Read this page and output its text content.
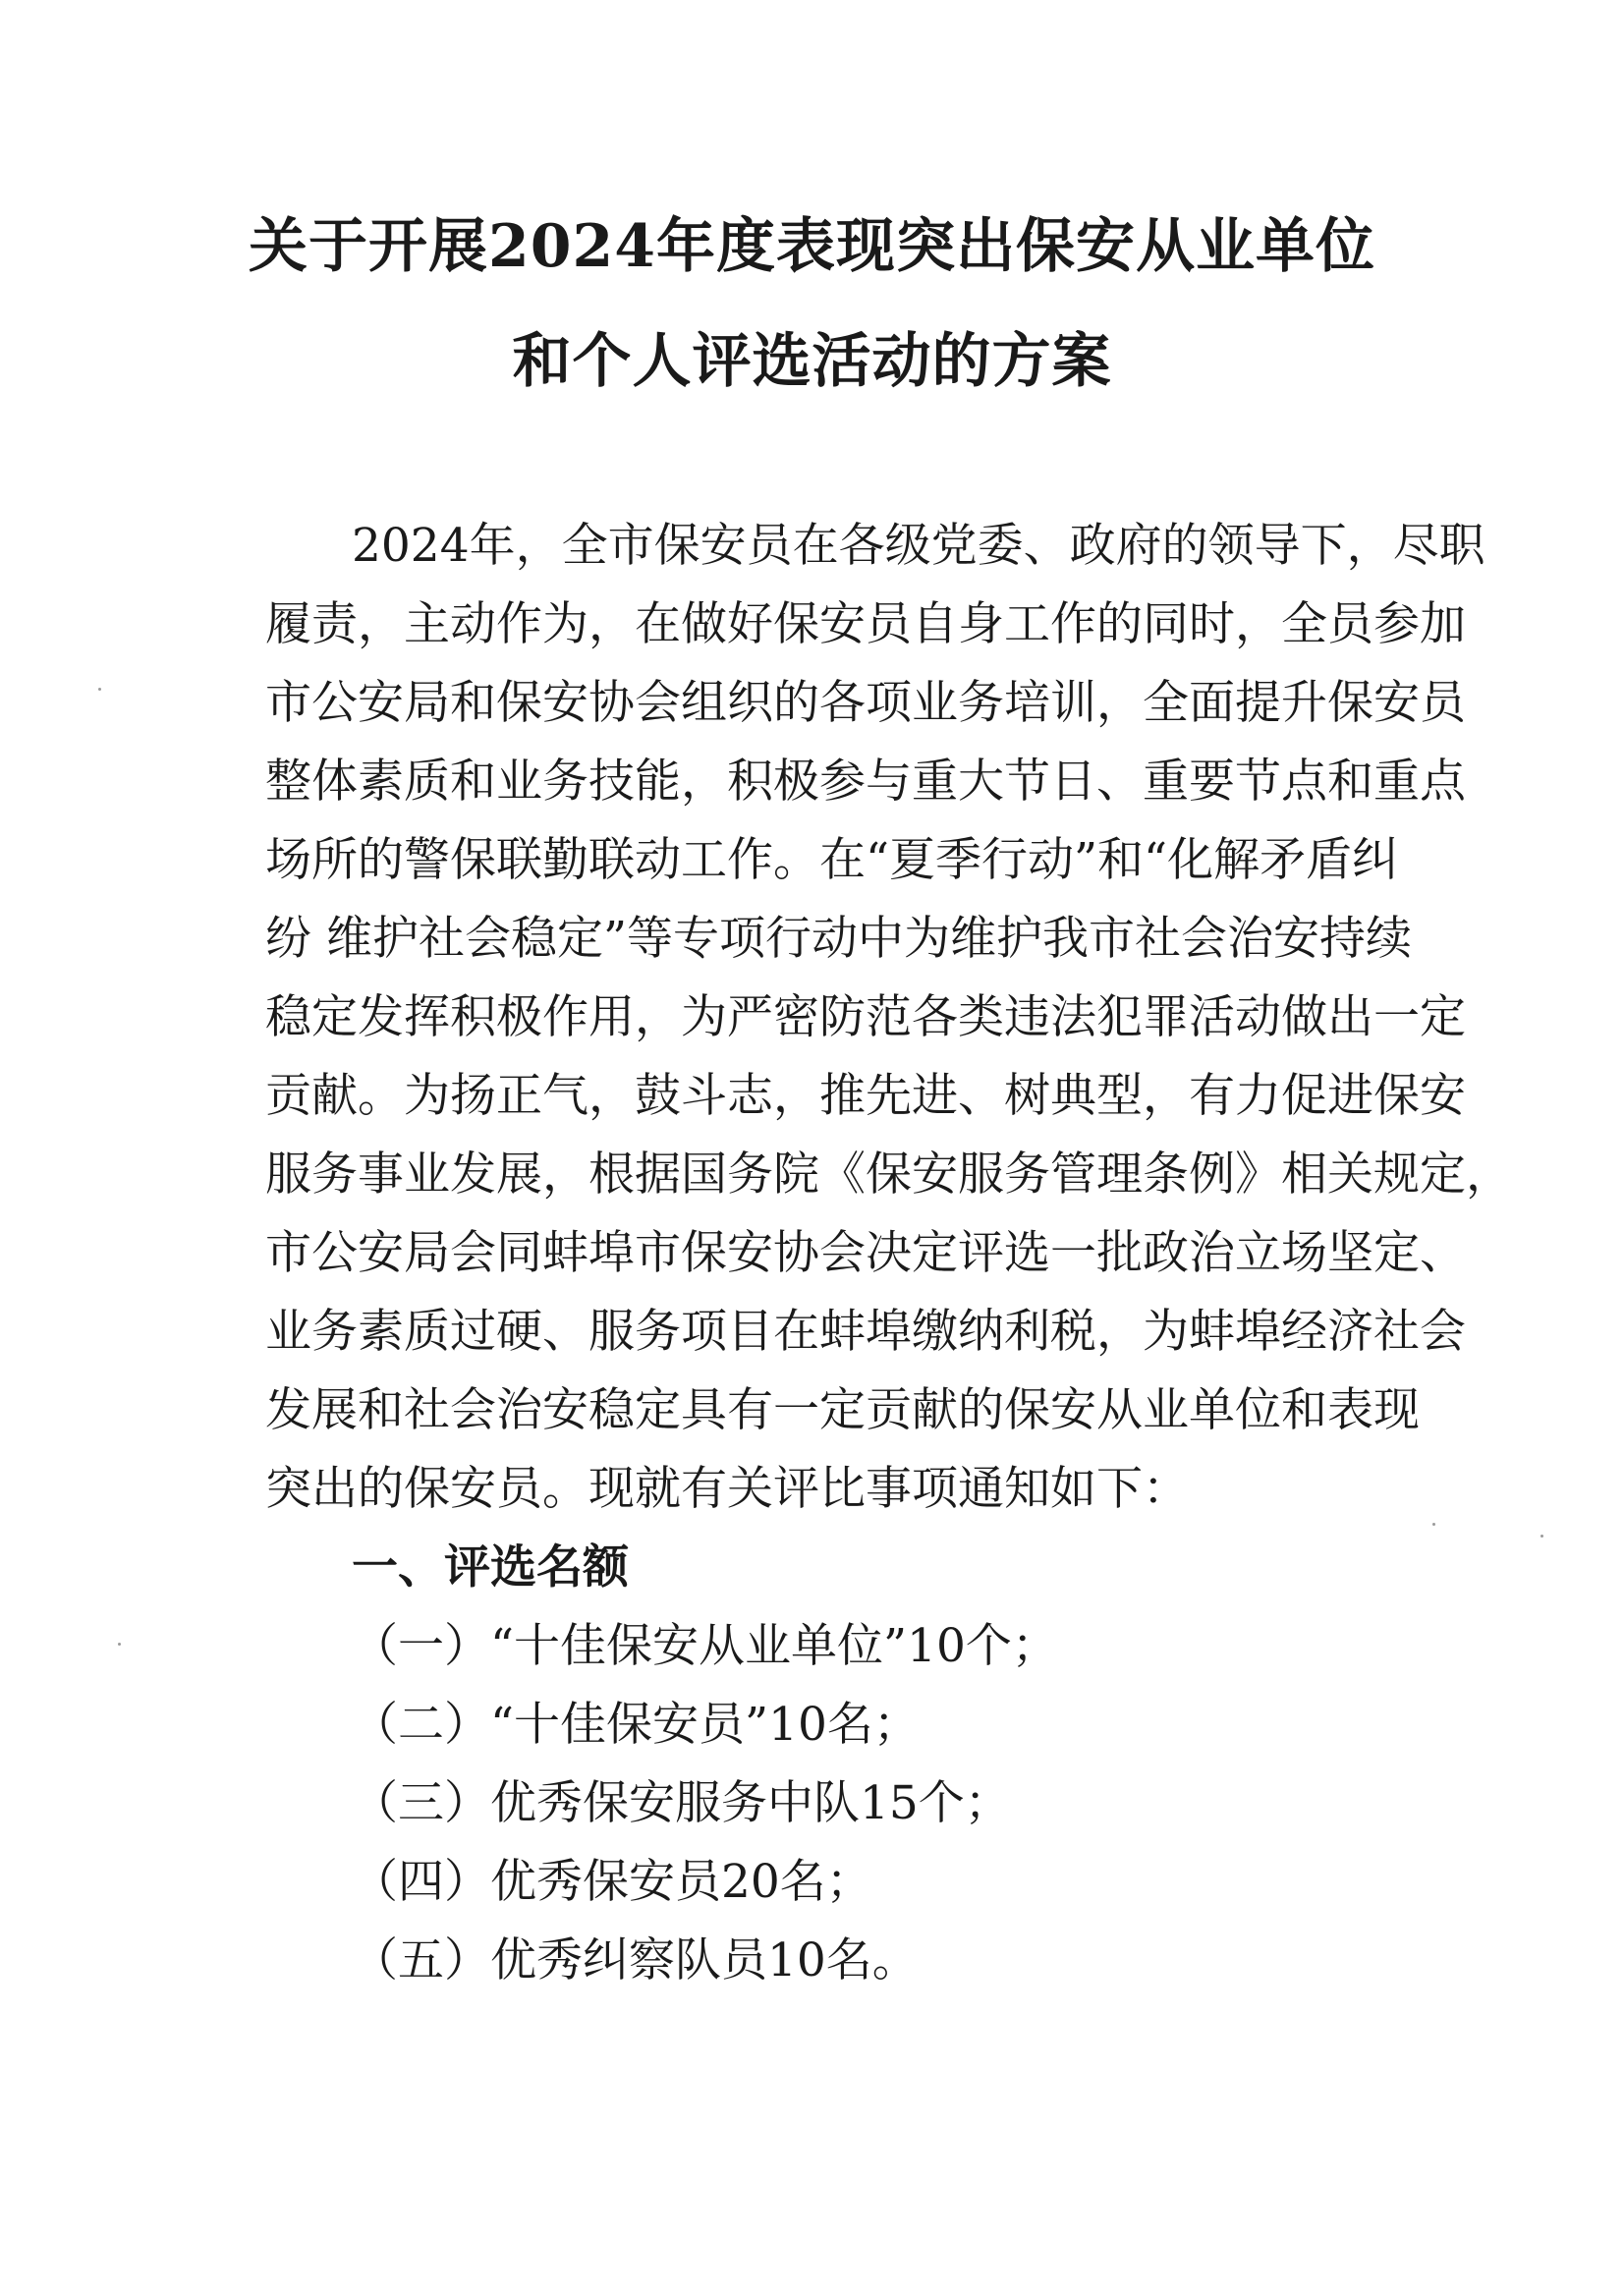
关于开展2024年度表现突出保安从业单位
和个人评选活动的方案
2024年，全市保安员在各级党委、政府的领导下，尽职
履责，主动作为，在做好保安员自身工作的同时，全员参加
市公安局和保安协会组织的各项业务培训，全面提升保安员
整体素质和业务技能，积极参与重大节日、重要节点和重点
场所的警保联勤联动工作。在“夏季行动”和“化解矛盾纠
纷 维护社会稳定”等专项行动中为维护我市社会治安持续
稳定发挥积极作用，为严密防范各类违法犯罪活动做出一定
贡献。为扬正气，鼓斗志，推先进、树典型，有力促进保安
服务事业发展，根据国务院《保安服务管理条例》相关规定，
市公安局会同蚌埠市保安协会决定评选一批政治立场坚定、
业务素质过硬、服务项目在蚌埠缴纳利税，为蚌埠经济社会
发展和社会治安稳定具有一定贡献的保安从业单位和表现
突出的保安员。现就有关评比事项通知如下：
一、评选名额
（一）“十佳保安从业单位”10个；
（二）“十佳保安员”10名；
（三）优秀保安服务中队15个；
（四）优秀保安员20名；
（五）优秀纠察队员10名。
